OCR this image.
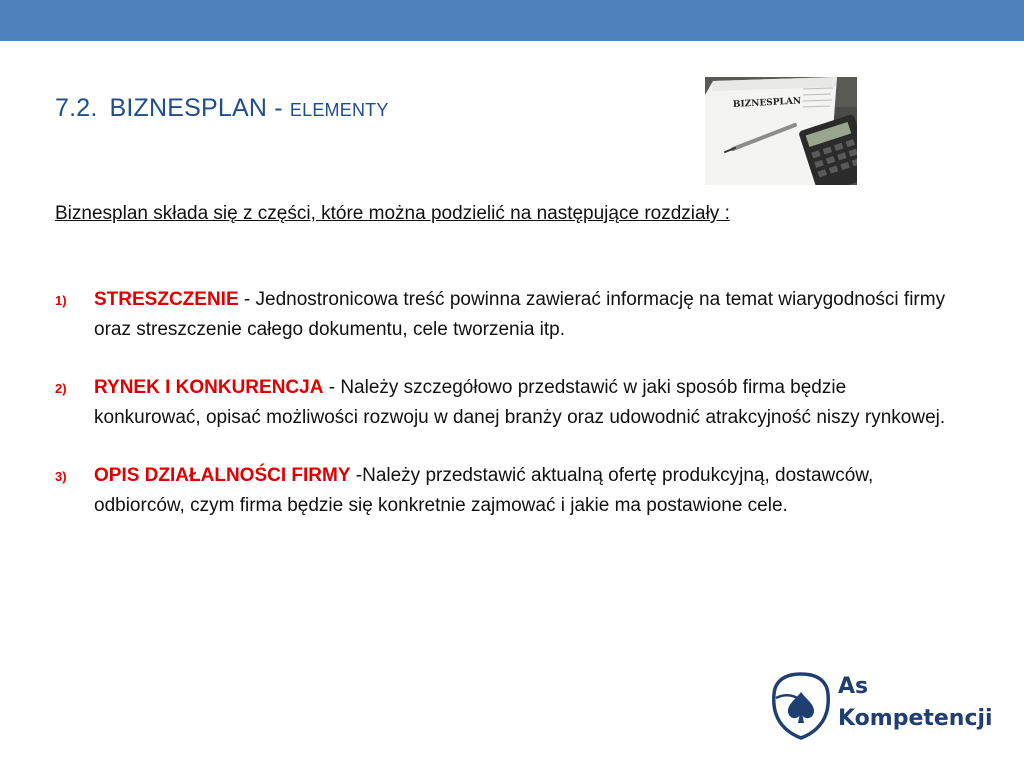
7.2. BIZNESPLAN - ELEMENTY	BIZNESPLAN

Biznesplan składa się z części, które można podzielić na następujące rozdziały :

1) STRESZCZENIE - Jednostronicowa treść powinna zawierać informację na temat wiarygodności firmy oraz streszczenie całego dokumentu, cele tworzenia itp.
2) RYNEK I KONKURENCJA - Należy szczegółowo przedstawić w jaki sposób firma będzie konkurować, opisać możliwości rozwoju w danej branży oraz udowodnić atrakcyjność niszy rynkowej.
3) OPIS DZIAŁALNOŚCI FIRMY -Należy przedstawić aktualną ofertę produkcyjną, dostawców, odbiorców, czym firma będzie się konkretnie zajmować i jakie ma postawione cele.
As
Kompetencji
